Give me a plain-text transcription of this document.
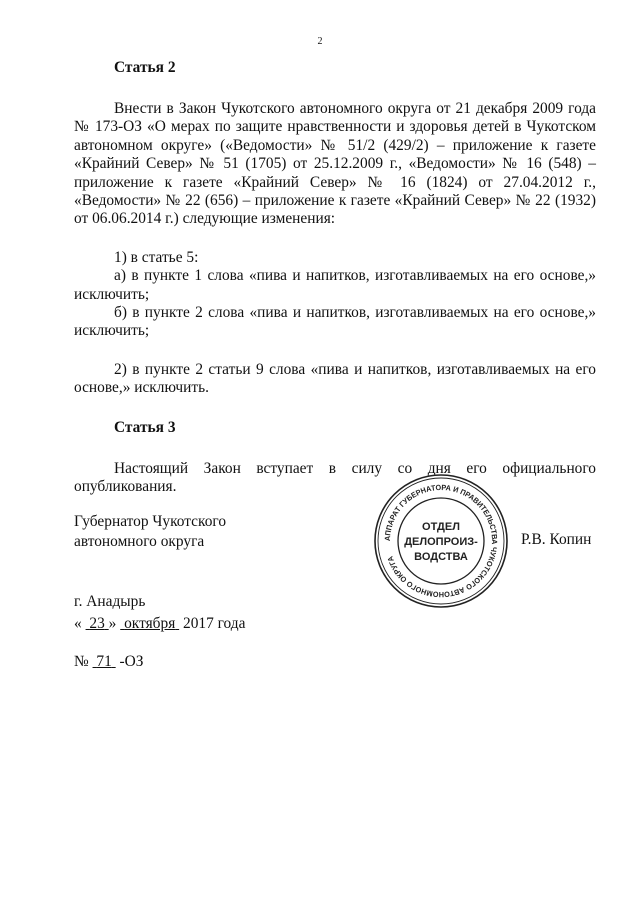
2

Статья 2

Внести в Закон Чукотского автономного округа от 21 декабря 2009 года № 173-ОЗ «О мерах по защите нравственности и здоровья детей в Чукотском автономном округе» («Ведомости» № 51/2 (429/2) – приложение к газете «Крайний Север» № 51 (1705) от 25.12.2009 г., «Ведомости» № 16 (548) – приложение к газете «Крайний Север» № 16 (1824) от 27.04.2012 г., «Ведомости» № 22 (656) – приложение к газете «Крайний Север» № 22 (1932) от 06.06.2014 г.) следующие изменения:

1) в статье 5:

а) в пункте 1 слова «пива и напитков, изготавливаемых на его основе,» исключить;

б) в пункте 2 слова «пива и напитков, изготавливаемых на его основе,» исключить;

2) в пункте 2 статьи 9 слова «пива и напитков, изготавливаемых на его основе,» исключить.

Статья 3

Настоящий Закон вступает в силу со дня его официального опубликования.

Губернатор Чукотского
автономного округа	АППАРАТ ГУБЕРНАТОРА И ПРАВИТЕЛЬСТВА ЧУКОТСКОГО АВТОНОМНОГО ОКРУГА
ОТДЕЛ
ДЕЛОПРОИЗ-
ВОДСТВА
Р.В. Копин
г. Анадырь
« 23 » октября 2017 года
№ 71 -ОЗ
